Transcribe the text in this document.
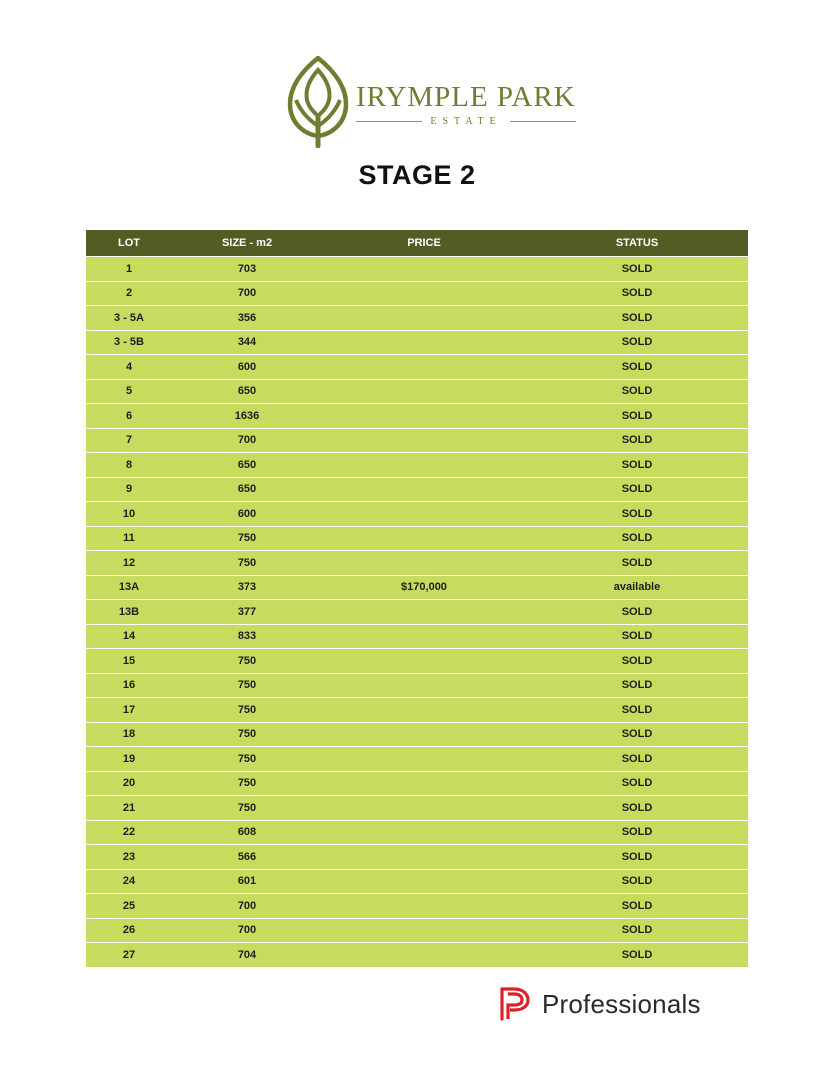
IRYMPLE PARK
ESTATE
STAGE 2
LOT	SIZE - m2	PRICE	STATUS
1	703		SOLD
2	700		SOLD
3 - 5A	356		SOLD
3 - 5B	344		SOLD
4	600		SOLD
5	650		SOLD
6	1636		SOLD
7	700		SOLD
8	650		SOLD
9	650		SOLD
10	600		SOLD
11	750		SOLD
12	750		SOLD
13A	373	$170,000	available
13B	377		SOLD
14	833		SOLD
15	750		SOLD
16	750		SOLD
17	750		SOLD
18	750		SOLD
19	750		SOLD
20	750		SOLD
21	750		SOLD
22	608		SOLD
23	566		SOLD
24	601		SOLD
25	700		SOLD
26	700		SOLD
27	704		SOLD
Professionals
